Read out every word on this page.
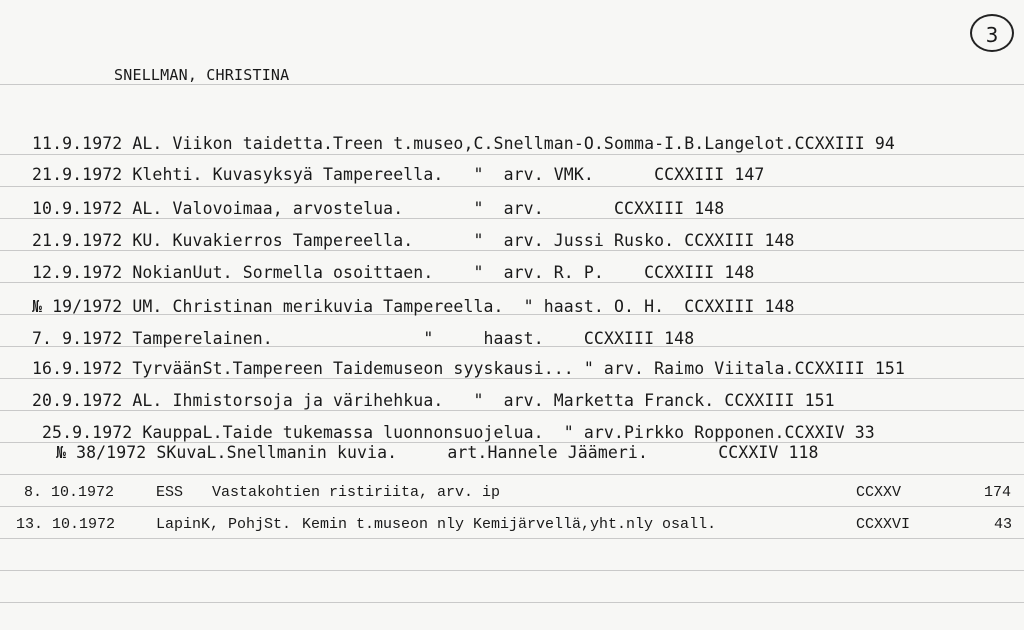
3
SNELLMAN, CHRISTINA
11.9.1972 AL. Viikon taidetta.Treen t.museo,C.Snellman-O.Somma-I.B.Langelot.CCXXIII 94
21.9.1972 Klehti. Kuvasyksyä Tampereella.   "  arv. VMK.      CCXXIII 147
10.9.1972 AL. Valovoimaa, arvostelua.       "  arv.       CCXXIII 148
21.9.1972 KU. Kuvakierros Tampereella.      "  arv. Jussi Rusko. CCXXIII 148
12.9.1972 NokianUut. Sormella osoittaen.    "  arv. R. P.    CCXXIII 148
№ 19/1972 UM. Christinan merikuvia Tampereella.  " haast. O. H.  CCXXIII 148
7. 9.1972 Tamperelainen.               "     haast.    CCXXIII 148
16.9.1972 TyrväänSt.Tampereen Taidemuseon syyskausi... " arv. Raimo Viitala.CCXXIII 151
20.9.1972 AL. Ihmistorsoja ja värihehkua.   "  arv. Marketta Franck. CCXXIII 151
25.9.1972 KauppaL.Taide tukemassa luonnonsuojelua.  " arv.Pirkko Ropponen.CCXXIV 33
№ 38/1972 SKuvaL.Snellmanin kuvia.     art.Hannele Jäämeri.       CCXXIV 118
8. 10.1972	ESS Vastakohtien ristiriita, arv. ip	CCXXV	174
13. 10.1972	LapinK, PohjSt. Kemin t.museon nly Kemijärvellä,yht.nly osall.	CCXXVI	43
